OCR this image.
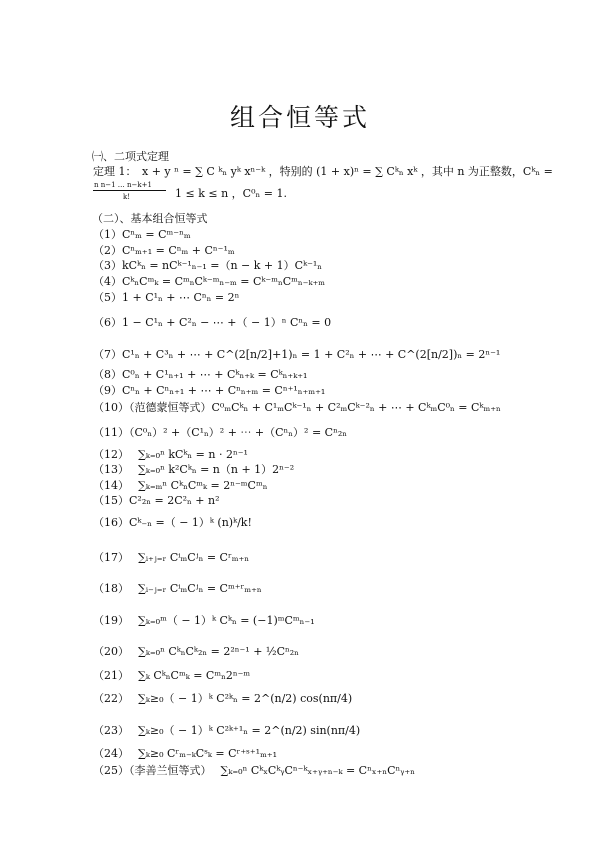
组合恒等式
㈠、二项式定理
定理 1：　x + y ⁿ = ∑ C ᵏₙ yᵏ xⁿ⁻ᵏ ，特别的 (1 + x)ⁿ = ∑ Cᵏₙ xᵏ ，其中 n 为正整数，Cᵏₙ =
n n−1 … n−k+1
k!	1 ≤ k ≤ n ，C⁰ₙ = 1.
（二）、基本组合恒等式
（1）Cⁿₘ = Cᵐ⁻ⁿₘ
（2）Cⁿₘ₊₁ = Cⁿₘ + Cⁿ⁻¹ₘ
（3）kCᵏₙ = nCᵏ⁻¹ₙ₋₁ =（n − k + 1）Cᵏ⁻¹ₙ
（4）CᵏₙCᵐₖ = CᵐₙCᵏ⁻ᵐₙ₋ₘ = Cᵏ⁻ᵐₙCᵐₙ₋ₖ₊ₘ
（5）1 + C¹ₙ + ⋯ Cⁿₙ = 2ⁿ
（6）1 − C¹ₙ + C²ₙ − ⋯ +（ − 1）ⁿ Cⁿₙ = 0
（7）C¹ₙ + C³ₙ + ⋯ + C^(2[n/2]+1)ₙ = 1 + C²ₙ + ⋯ + C^(2[n/2])ₙ = 2ⁿ⁻¹
（8）C⁰ₙ + C¹ₙ₊₁ + ⋯ + Cᵏₙ₊ₖ = Cᵏₙ₊ₖ₊₁
（9）Cⁿₙ + Cⁿₙ₊₁ + ⋯ + Cⁿₙ₊ₘ = Cⁿ⁺¹ₙ₊ₘ₊₁
（10）（范德蒙恒等式）C⁰ₘCᵏₙ + C¹ₘCᵏ⁻¹ₙ + C²ₘCᵏ⁻²ₙ + ⋯ + CᵏₘC⁰ₙ = Cᵏₘ₊ₙ
（11）（C⁰ₙ）² +（C¹ₙ）² + ⋯ +（Cⁿₙ）² = Cⁿ₂ₙ
（12）　 ∑ₖ₌₀ⁿ kCᵏₙ = n · 2ⁿ⁻¹
（13）　 ∑ₖ₌₀ⁿ k²Cᵏₙ = n（n + 1）2ⁿ⁻²
（14）　 ∑ₖ₌ₘⁿ CᵏₙCᵐₖ = 2ⁿ⁻ᵐCᵐₙ
（15）C²₂ₙ = 2C²ₙ + n²
（16）Cᵏ₋ₙ =（ − 1）ᵏ (n)ᵏ/k!
（17）　 ∑ᵢ₊ⱼ₌ᵣ CⁱₘCʲₙ = Cʳₘ₊ₙ
（18）　 ∑ᵢ₋ⱼ₌ᵣ CⁱₘCʲₙ = Cᵐ⁺ʳₘ₊ₙ
（19）　 ∑ₖ₌₀ᵐ（ − 1）ᵏ Cᵏₙ = (−1)ᵐCᵐₙ₋₁
（20）　 ∑ₖ₌₀ⁿ CᵏₙCᵏ₂ₙ = 2²ⁿ⁻¹ + ½Cⁿ₂ₙ
（21）　 ∑ₖ CᵏₙCᵐₖ = Cᵐₙ2ⁿ⁻ᵐ
（22）　 ∑ₖ≥₀（ − 1）ᵏ C²ᵏₙ = 2^(n/2) cos(nπ/4)
（23）　 ∑ₖ≥₀（ − 1）ᵏ C²ᵏ⁺¹ₙ = 2^(n/2) sin(nπ/4)
（24）　 ∑ₖ≥₀ Cʳₘ₋ₖCˢₖ = Cʳ⁺ˢ⁺¹ₘ₊₁
（25）（李善兰恒等式）　 ∑ₖ₌₀ⁿ CᵏₓCᵏᵧCⁿ⁻ᵏₓ₊ᵧ₊ₙ₋ₖ = Cⁿₓ₊ₙCⁿᵧ₊ₙ
